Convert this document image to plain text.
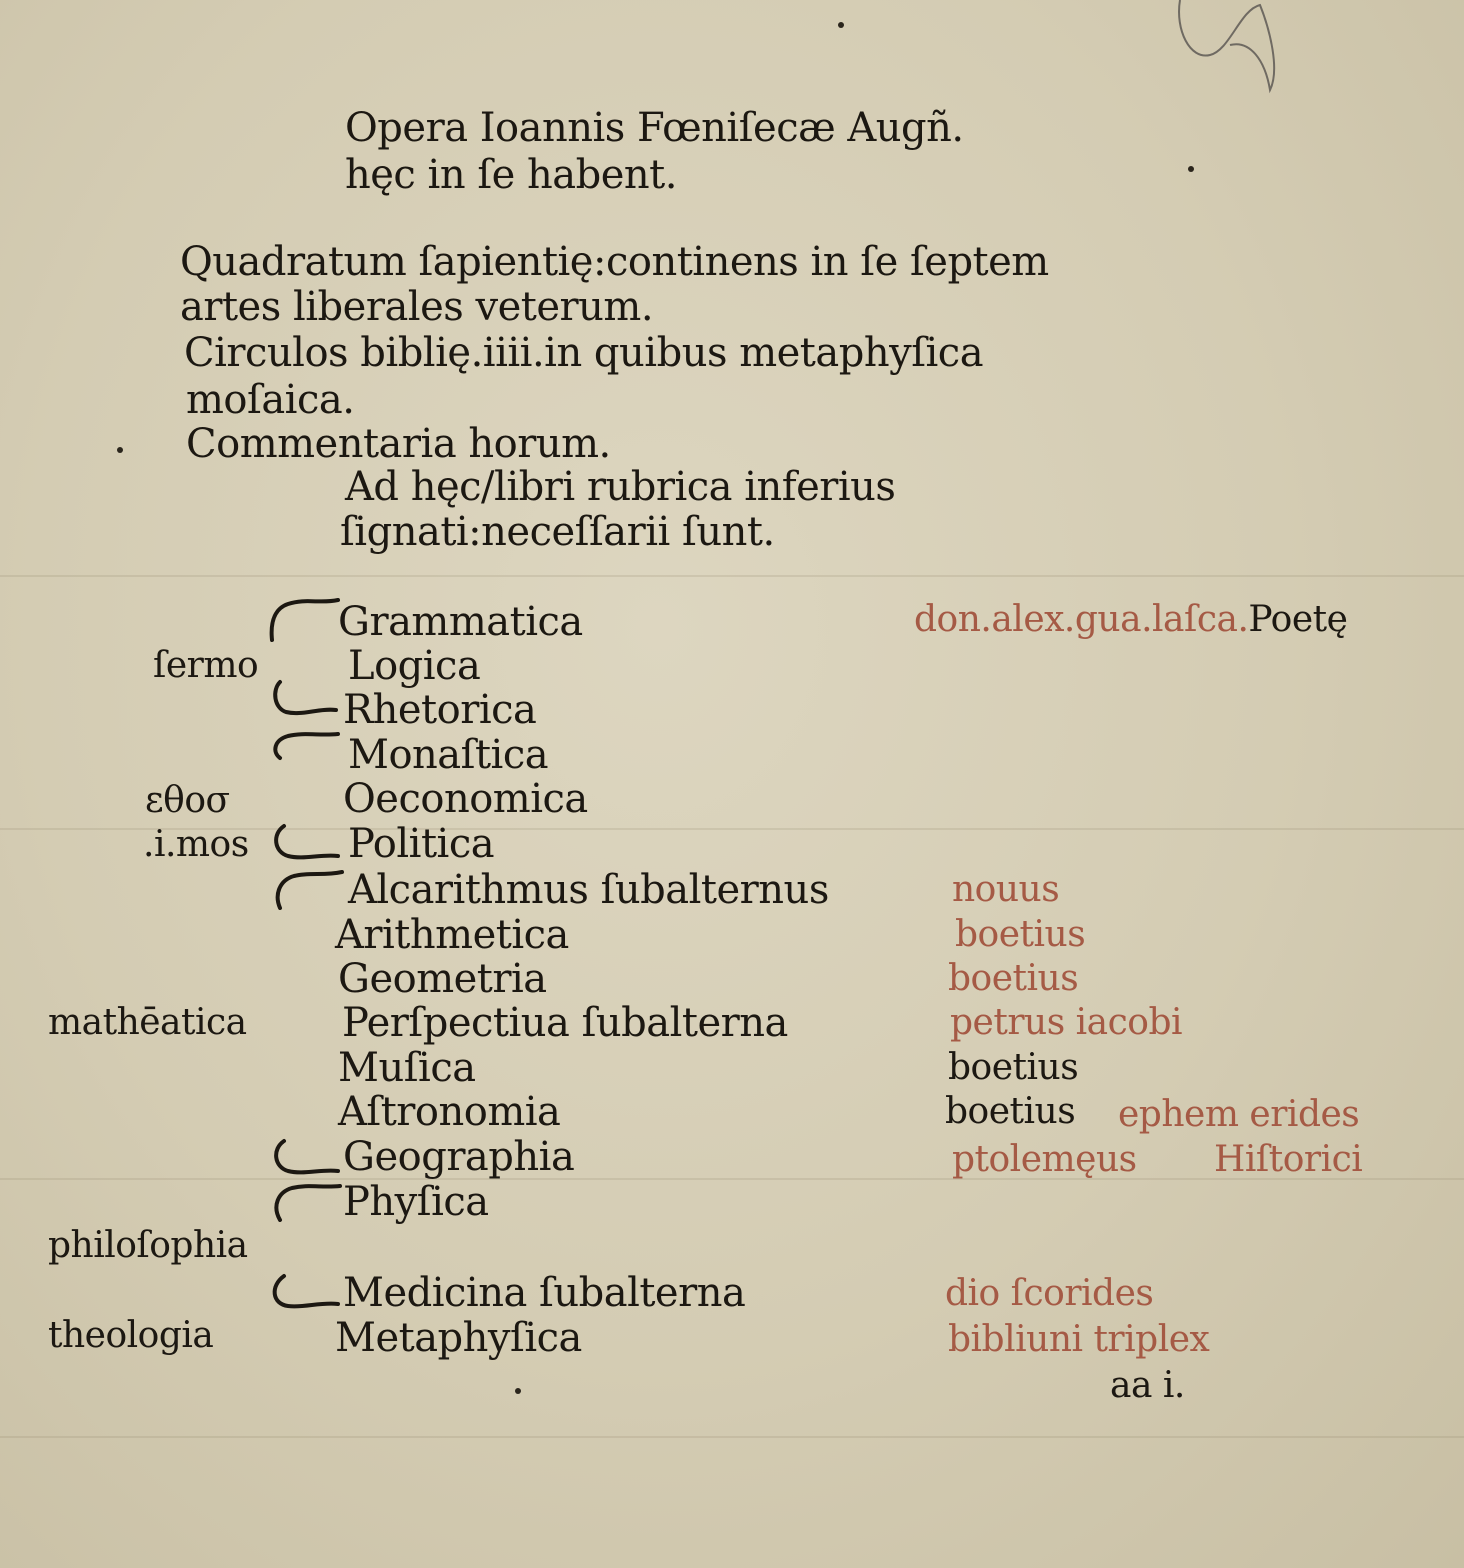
Opera Ioannis Fœniſecæ Augñ.
hęc in ſe habent.
Quadratum ſapientię:continens in ſe ſeptem
artes liberales veterum.
Circulos biblię.iiii.in quibus metaphyſica
moſaica.
Commentaria horum.
Ad hęc/libri rubrica inferius
ſignati:neceſſarii ſunt.
ſermo
εθοσ
.i.mos
mathēatica
philoſophia
theologia
Grammatica
Logica
Rhetorica
Monaſtica
Oeconomica
Politica
Alcarithmus ſubalternus
Arithmetica
Geometria
Perſpectiua ſubalterna
Muſica
Aſtronomia
Geographia
Phyſica
Medicina ſubalterna
Metaphyſica
don.alex.gua.laſca.Poetę
nouus
boetius
boetius
petrus iacobi
boetius
boetius ephem erides
ptolemęus Hiſtorici
dio ſcorides
bibliuni triplex
aa i.
